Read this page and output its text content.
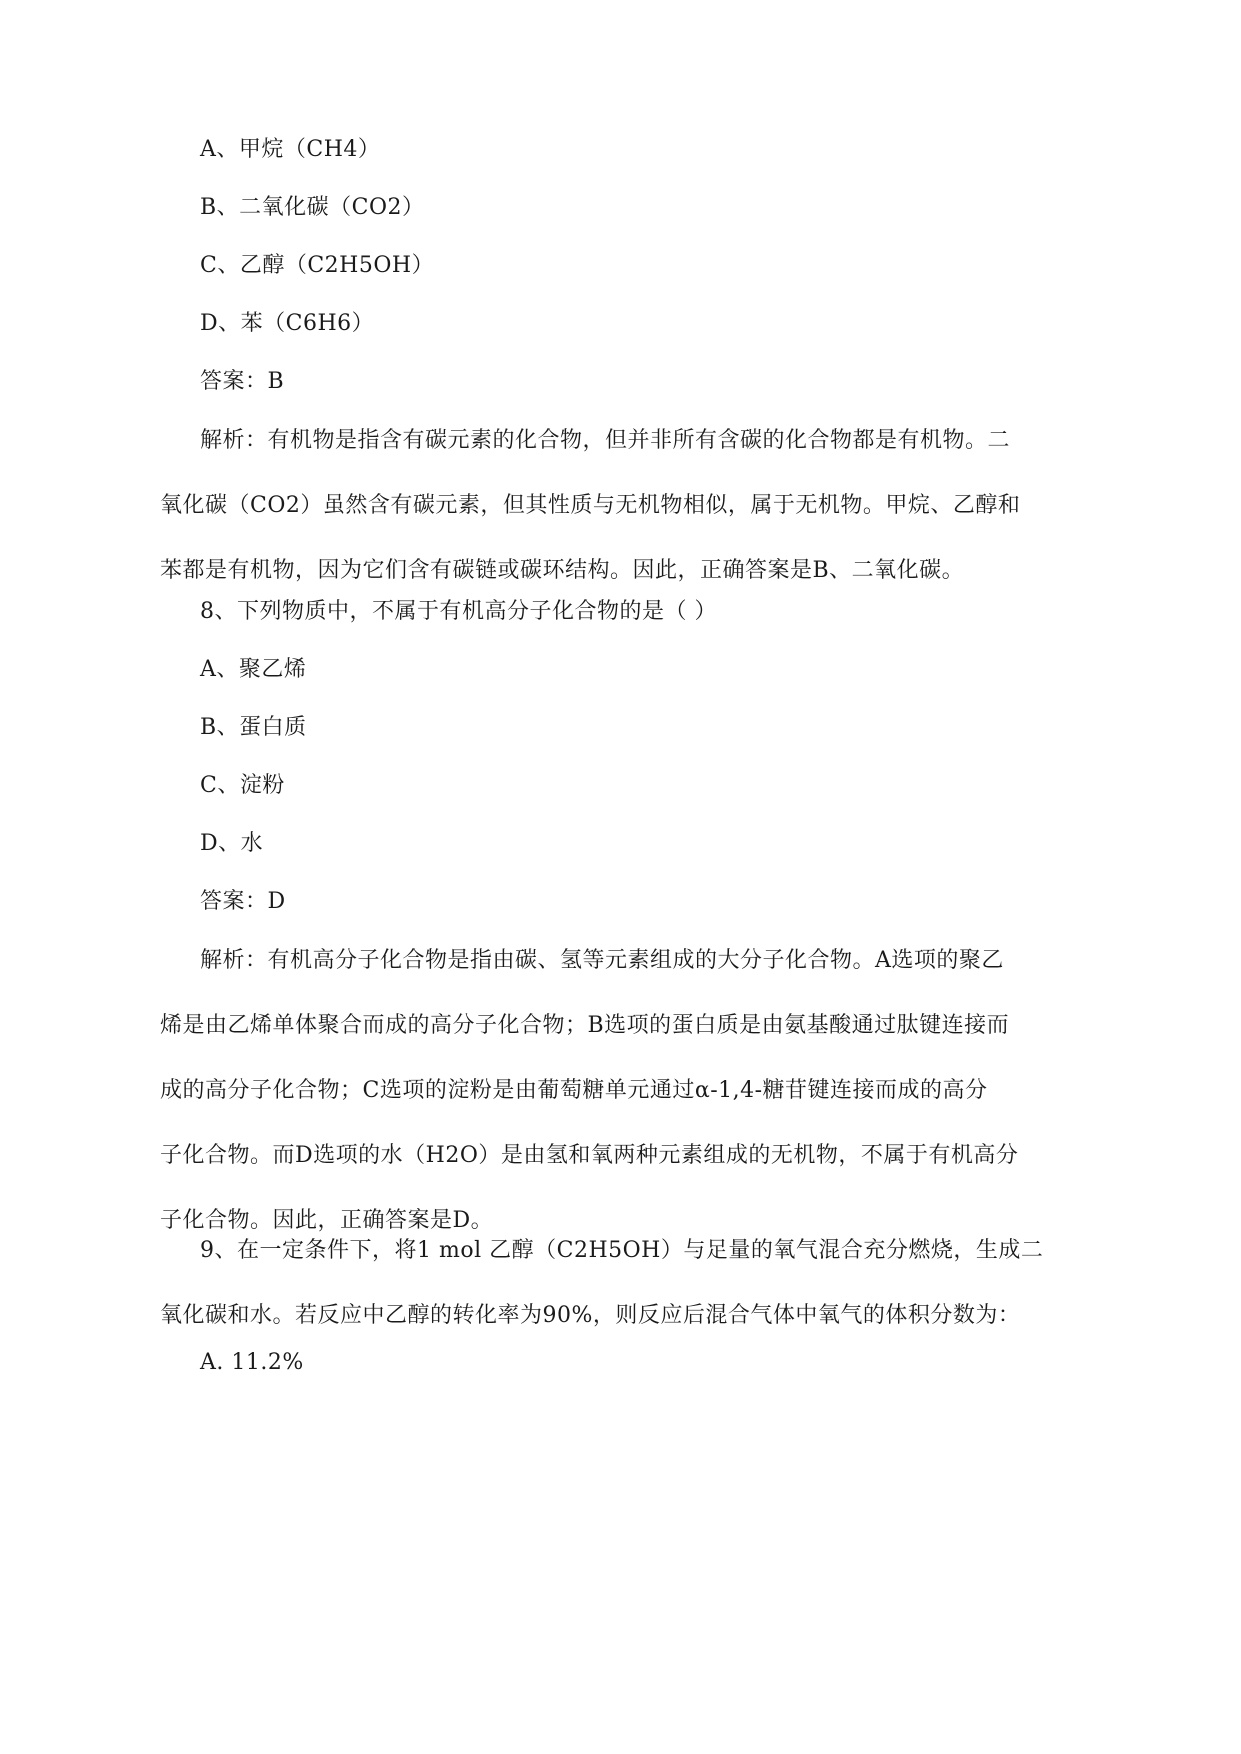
A、甲烷（CH4）
B、二氧化碳（CO2）
C、乙醇（C2H5OH）
D、苯（C6H6）
答案：B
解析：有机物是指含有碳元素的化合物，但并非所有含碳的化合物都是有机物。二
氧化碳（CO2）虽然含有碳元素，但其性质与无机物相似，属于无机物。甲烷、乙醇和
苯都是有机物，因为它们含有碳链或碳环结构。因此，正确答案是B、二氧化碳。
8、下列物质中，不属于有机高分子化合物的是（ ）
A、聚乙烯
B、蛋白质
C、淀粉
D、水
答案：D
解析：有机高分子化合物是指由碳、氢等元素组成的大分子化合物。A选项的聚乙
烯是由乙烯单体聚合而成的高分子化合物；B选项的蛋白质是由氨基酸通过肽键连接而
成的高分子化合物；C选项的淀粉是由葡萄糖单元通过α-1,4-糖苷键连接而成的高分
子化合物。而D选项的水（H2O）是由氢和氧两种元素组成的无机物，不属于有机高分
子化合物。因此，正确答案是D。
9、在一定条件下，将1 mol 乙醇（C2H5OH）与足量的氧气混合充分燃烧，生成二
氧化碳和水。若反应中乙醇的转化率为90%，则反应后混合气体中氧气的体积分数为：
A. 11.2%
